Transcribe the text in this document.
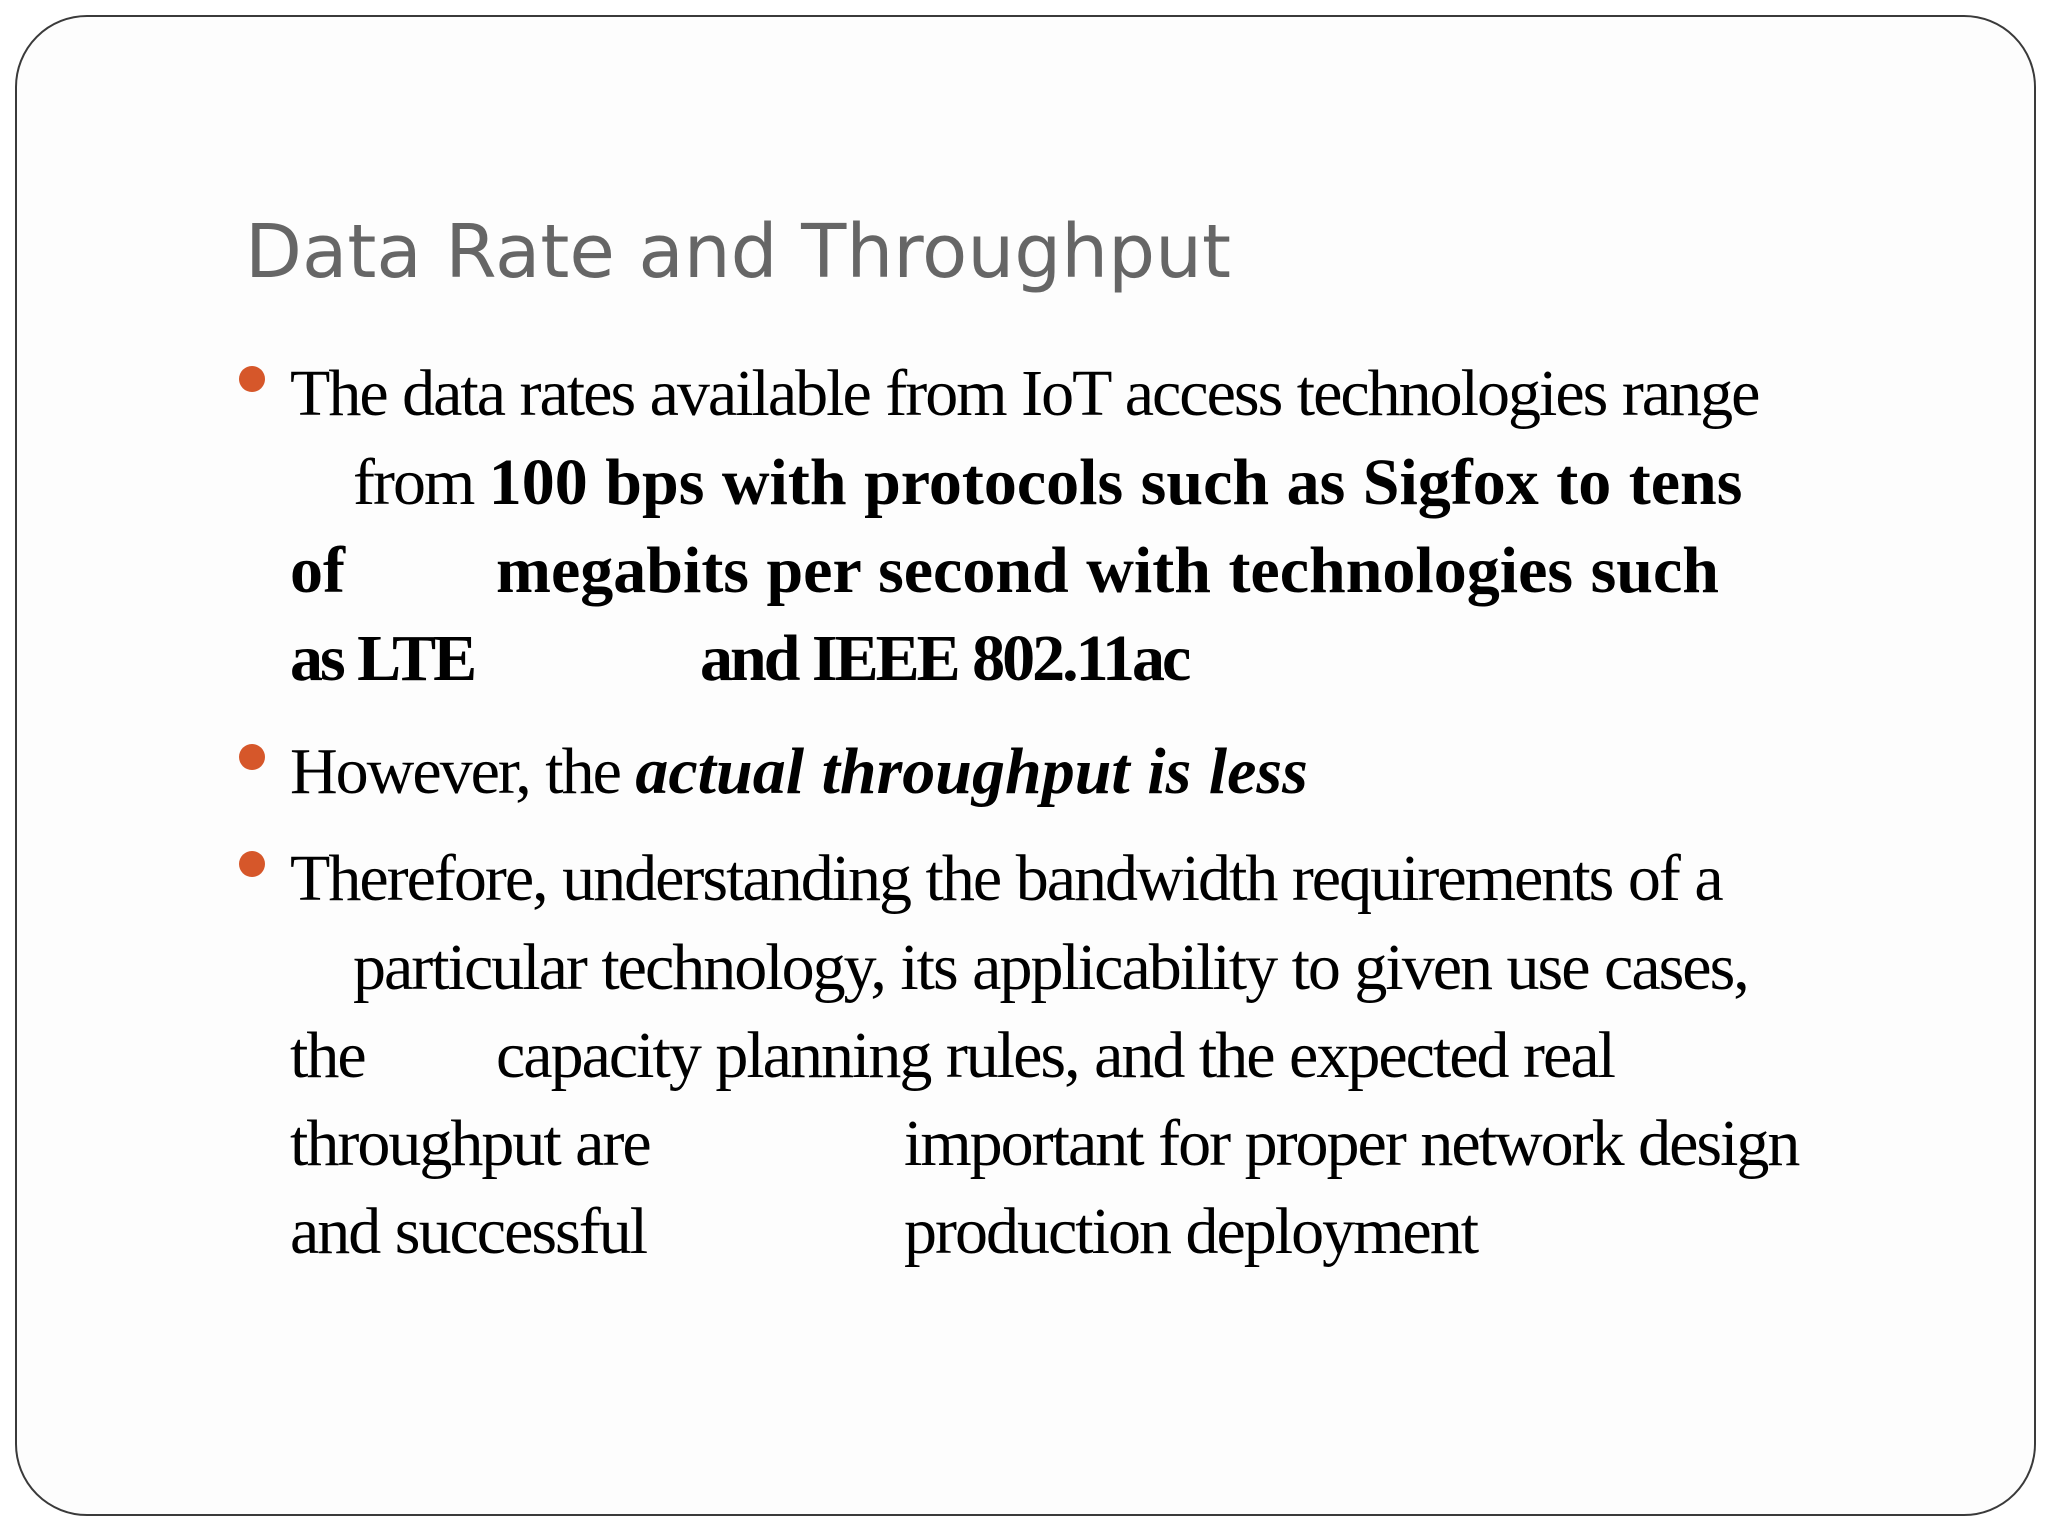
Data Rate and Throughput
The data rates available from IoT access technologies range
from 100 bps with protocols such as Sigfox to tens
of megabits per second with technologies such
as LTE	and IEEE 802.11ac
However, the actual throughput is less
Therefore, understanding the bandwidth requirements of a
particular technology, its applicability to given use cases,
the capacity planning rules, and the expected real
throughput are	important for proper network design
and successful	production deployment
